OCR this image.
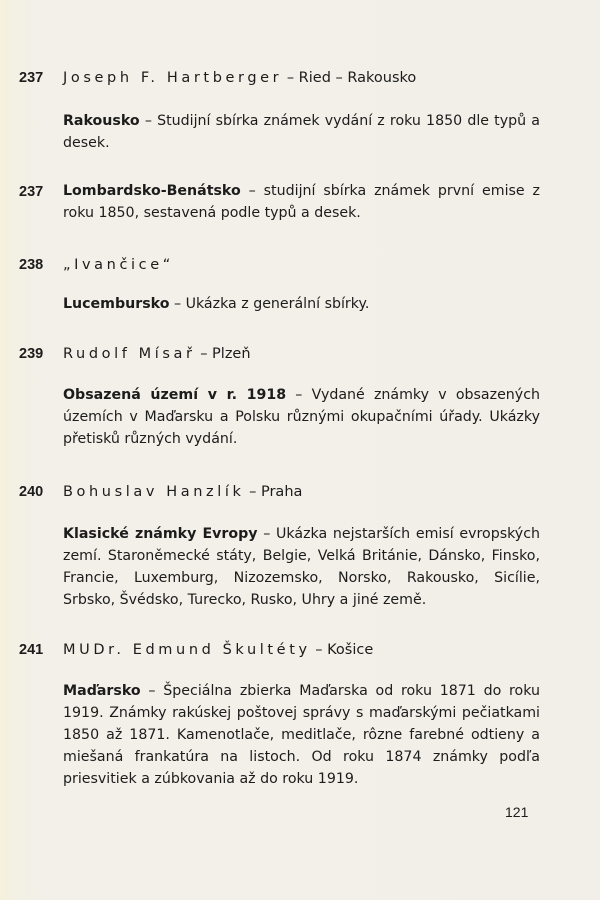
237 Joseph F. Hartberger – Ried – Rakousko
Rakousko – Studijní sbírka známek vydání z roku 1850 dle typů a desek.
237 Lombardsko-Benátsko – studijní sbírka známek první emise z roku 1850, sestavená podle typů a desek.
238 „Ivančice“
Lucembursko – Ukázka z generální sbírky.
239 Rudolf Mísař – Plzeň
Obsazená území v r. 1918 – Vydané známky v obsazených územích v Maďarsku a Polsku různými okupačními úřady. Ukázky přetisků různých vydání.
240 Bohuslav Hanzlík – Praha
Klasické známky Evropy – Ukázka nejstarších emisí evropských zemí. Staroněmecké státy, Belgie, Velká Británie, Dánsko, Finsko, Francie, Luxemburg, Nizozemsko, Norsko, Rakousko, Sicílie, Srbsko, Švédsko, Turecko, Rusko, Uhry a jiné země.
241 MUDr. Edmund Škultéty – Košice
Maďarsko – Špeciálna zbierka Maďarska od roku 1871 do roku 1919. Známky rakúskej poštovej správy s maďarskými pečiatkami 1850 až 1871. Kamenotlače, meditlače, rôzne farebné odtieny a miešaná frankatúra na listoch. Od roku 1874 známky podľa priesvitiek a zúbkovania až do roku 1919.
121
